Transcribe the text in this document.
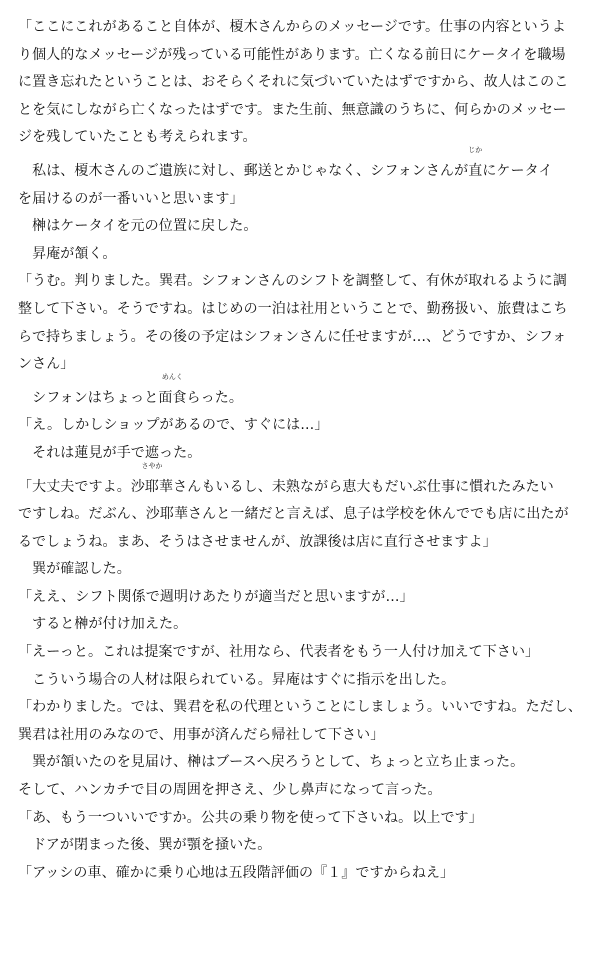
「ここにこれがあること自体が、榎木さんからのメッセージです。仕事の内容というよ
り個人的なメッセージが残っている可能性があります。亡くなる前日にケータイを職場
に置き忘れたということは、おそらくそれに気づいていたはずですから、故人はこのこ
とを気にしながら亡くなったはずです。また生前、無意識のうちに、何らかのメッセー
ジを残していたことも考えられます。
　私は、榎木さんのご遺族に対し、郵送とかじゃなく、シフォンさんが
じか
直にケータイ
を届けるのが一番いいと思います」
　榊はケータイを元の位置に戻した。
　昇庵が頷く。
「うむ。判りました。巽君。シフォンさんのシフトを調整して、有休が取れるように調
整して下さい。そうですね。はじめの一泊は社用ということで、勤務扱い、旅費はこち
らで持ちましょう。その後の予定はシフォンさんに任せますが…、どうですか、シフォ
ンさん」
　シフォンはちょっと
めんく
面食らった。
「え。しかしショップがあるので、すぐには…」
　それは蓮見が手で遮った。
「大丈夫ですよ。
さやか
沙耶華さんもいるし、未熟ながら恵大もだいぶ仕事に慣れたみたい
ですしね。だぶん、沙耶華さんと一緒だと言えば、息子は学校を休んででも店に出たが
るでしょうね。まあ、そうはさせませんが、放課後は店に直行させますよ」
　巽が確認した。
「ええ、シフト関係で週明けあたりが適当だと思いますが…」
　すると榊が付け加えた。
「えーっと。これは提案ですが、社用なら、代表者をもう一人付け加えて下さい」
　こういう場合の人材は限られている。昇庵はすぐに指示を出した。
「わかりました。では、巽君を私の代理ということにしましょう。いいですね。ただし、
巽君は社用のみなので、用事が済んだら帰社して下さい」
　巽が頷いたのを見届け、榊はブースへ戻ろうとして、ちょっと立ち止まった。
そして、ハンカチで目の周囲を押さえ、少し鼻声になって言った。
「あ、もう一ついいですか。公共の乗り物を使って下さいね。以上です」
　ドアが閉まった後、巽が顎を掻いた。
「アッシの車、確かに乗り心地は五段階評価の『１』ですからねえ」
